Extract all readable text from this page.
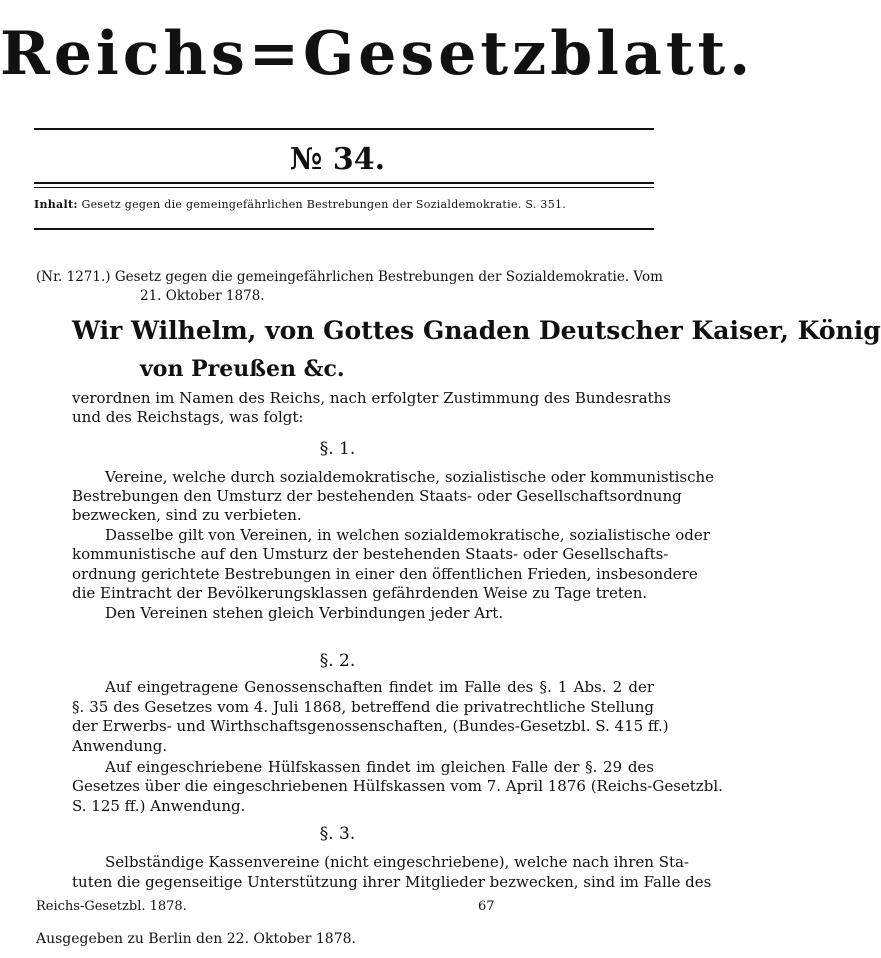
Reichs=Gesetzblatt.
№ 34.
Inhalt: Gesetz gegen die gemeingefährlichen Bestrebungen der Sozialdemokratie. S. 351.
(Nr. 1271.) Gesetz gegen die gemeingefährlichen Bestrebungen der Sozialdemokratie. Vom
21. Oktober 1878.
Wir Wilhelm, von Gottes Gnaden Deutscher Kaiser, König
von Preußen &c.
verordnen im Namen des Reichs, nach erfolgter Zustimmung des Bundesraths
und des Reichstags, was folgt:
§. 1.
Vereine, welche durch sozialdemokratische, sozialistische oder kommunistische
Bestrebungen den Umsturz der bestehenden Staats- oder Gesellschaftsordnung
bezwecken, sind zu verbieten.
Dasselbe gilt von Vereinen, in welchen sozialdemokratische, sozialistische oder
kommunistische auf den Umsturz der bestehenden Staats- oder Gesellschafts-
ordnung gerichtete Bestrebungen in einer den öffentlichen Frieden, insbesondere
die Eintracht der Bevölkerungsklassen gefährdenden Weise zu Tage treten.
Den Vereinen stehen gleich Verbindungen jeder Art.
§. 2.
Auf eingetragene Genossenschaften findet im Falle des §. 1 Abs. 2 der
§. 35 des Gesetzes vom 4. Juli 1868, betreffend die privatrechtliche Stellung
der Erwerbs- und Wirthschaftsgenossenschaften, (Bundes-Gesetzbl. S. 415 ff.)
Anwendung.
Auf eingeschriebene Hülfskassen findet im gleichen Falle der §. 29 des
Gesetzes über die eingeschriebenen Hülfskassen vom 7. April 1876 (Reichs-Gesetzbl.
S. 125 ff.) Anwendung.
§. 3.
Selbständige Kassenvereine (nicht eingeschriebene), welche nach ihren Sta-
tuten die gegenseitige Unterstützung ihrer Mitglieder bezwecken, sind im Falle des
Reichs-Gesetzbl. 1878.	67
Ausgegeben zu Berlin den 22. Oktober 1878.
